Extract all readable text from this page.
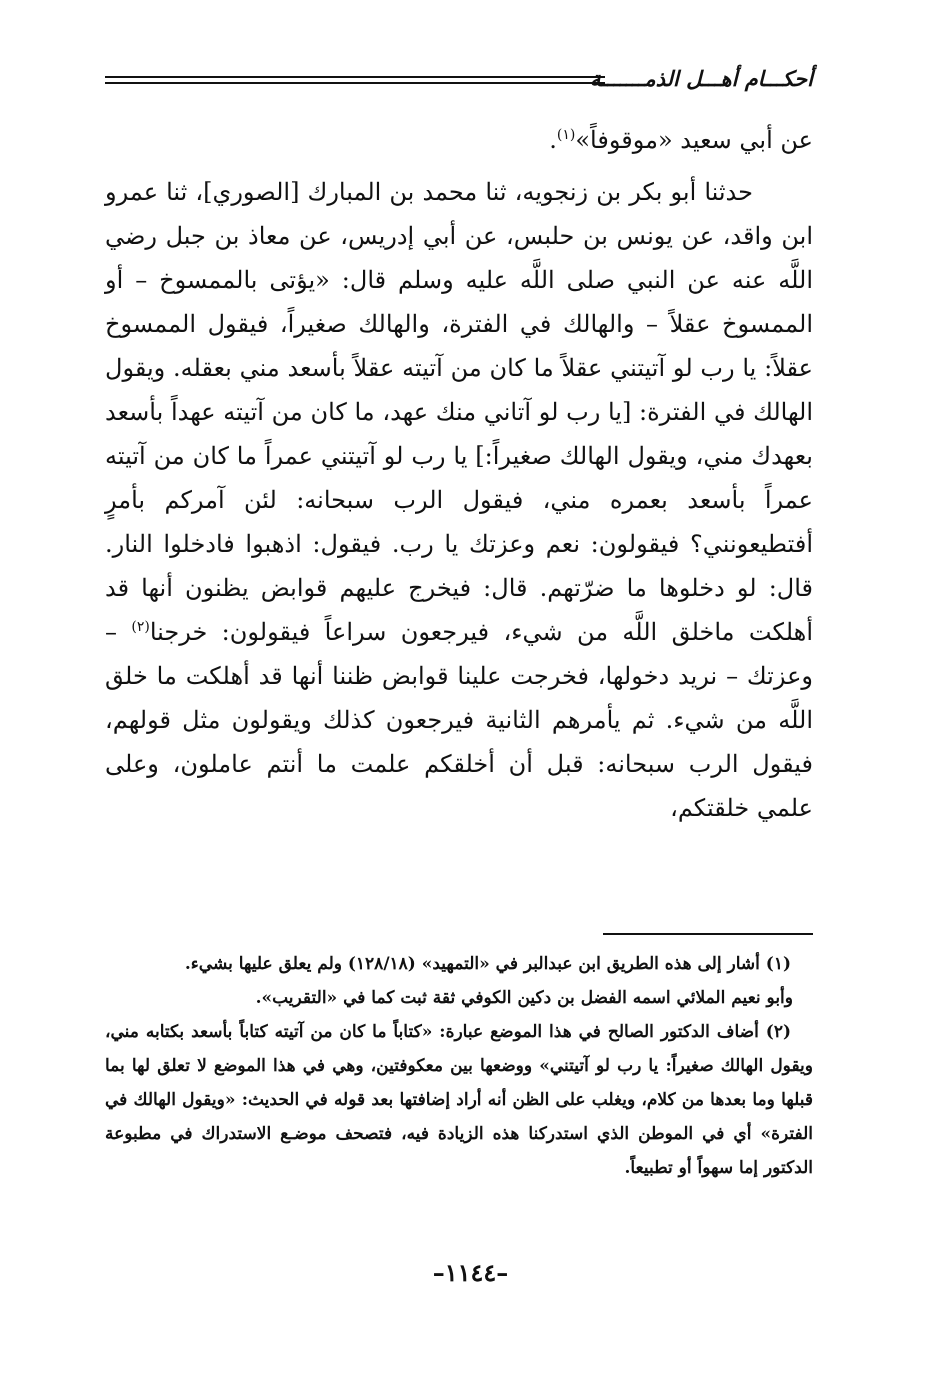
أحكـــام أهـــل الذمـــــــة

عن أبي سعيد «موقوفاً»$^{(١)}$.

حدثنا أبو بكر بن زنجويه، ثنا محمد بن المبارك [الصوري]، ثنا عمرو ابن واقد، عن يونس بن حلبس، عن أبي إدريس، عن معاذ بن جبل رضي اللَّه عنه عن النبي صلى اللَّه عليه وسلم قال: «يؤتى بالممسوخ – أو الممسوخ عقلاً – والهالك في الفترة، والهالك صغيراً، فيقول الممسوخ عقلاً: يا رب لو آتيتني عقلاً ما كان من آتيته عقلاً بأسعد مني بعقله. ويقول الهالك في الفترة: [يا رب لو آتاني منك عهد، ما كان من آتيته عهداً بأسعد بعهدك مني، ويقول الهالك صغيراً:] يا رب لو آتيتني عمراً ما كان من آتيته عمراً بأسعد بعمره مني، فيقول الرب سبحانه: لئن آمركم بأمرٍ أفتطيعونني؟ فيقولون: نعم وعزتك يا رب. فيقول: اذهبوا فادخلوا النار. قال: لو دخلوها ما ضرّتهم. قال: فيخرج عليهم قوابض يظنون أنها قد أهلكت ماخلق اللَّه من شيء، فيرجعون سراعاً فيقولون: خرجنا$^{(٢)}$ – وعزتك – نريد دخولها، فخرجت علينا قوابض ظننا أنها قد أهلكت ما خلق اللَّه من شيء. ثم يأمرهم الثانية فيرجعون كذلك ويقولون مثل قولهم، فيقول الرب سبحانه: قبل أن أخلقكم علمت ما أنتم عاملون، وعلى علمي خلقتكم،

(١) أشار إلى هذه الطريق ابن عبدالبر في «التمهيد» (١٢٨/١٨) ولم يعلق عليها بشيء.

وأبو نعيم الملائي اسمه الفضل بن دكين الكوفي ثقة ثبت كما في «التقريب».

(٢) أضاف الدكتور الصالح في هذا الموضع عبارة: «كتاباً ما كان من آتيته كتاباً بأسعد بكتابه مني، ويقول الهالك صغيراً: يا رب لو آتيتني» ووضعها بين معكوفتين، وهي في هذا الموضع لا تعلق لها بما قبلها وما بعدها من كلام، ويغلب على الظن أنه أراد إضافتها بعد قوله في الحديث: «ويقول الهالك في الفترة» أي في الموطن الذي استدركنا هذه الزيادة فيه، فتصحف موضـع الاستدراك في مطبوعة الدكتور إما سهواً أو تطبيعاً.

–١١٤٤–
